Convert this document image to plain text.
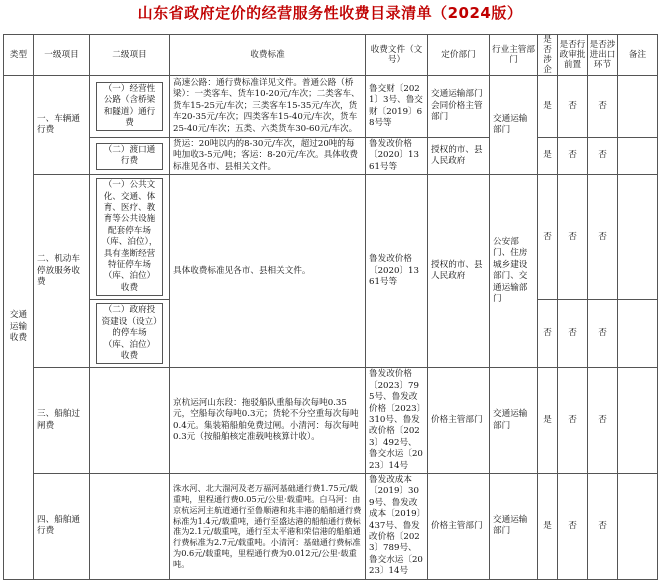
山东省政府定价的经营服务性收费目录清单（2024版）
类型	一级项目	二级项目	收费标准	收费文件（文号）	定价部门	行业主管部门	是否涉企	是否行政审批前置	是否涉进出口环节	备注
交通运输收费	一、车辆通行费	（一）经营性公路（含桥梁和隧道）通行费	高速公路：通行费标准详见文件。普通公路（桥梁）：一类客车、货车10-20元/车次；二类客车、货车15-25元/车次；三类客车15-35元/车次，货车20-35元/车次；四类客车15-40元/车次，货车25-40元/车次；五类、六类货车30-60元/车次。	鲁交财〔2021〕3号、鲁交财〔2019〕68号等	交通运输部门会同价格主管部门	交通运输部门	是	否	否	

		（二）渡口通行费	货运：20吨以内的8-30元/车次，超过20吨的每吨加收3-5元/吨；客运：8-20元/车次。具体收费标准见各市、县相关文件。	鲁发改价格〔2020〕1361号等	授权的市、县人民政府		是	否	否	
	二、机动车停放服务收费	（一）公共文化、交通、体育、医疗、教育等公共设施配套停车场（库、泊位），具有垄断经营特征停车场（库、泊位）收费	具体收费标准见各市、县相关文件。	鲁发改价格〔2020〕1361号等	授权的市、县人民政府	公安部门、住房城乡建设部门、交通运输部门	否	否	否	

		（二）政府投资建设（设立）的停车场（库、泊位）收费					否	否	否	
	三、船舶过闸费		京杭运河山东段：拖驳船队重船每次每吨0.35元，空船每次每吨0.3元；货轮不分空重每次每吨0.4元。集装箱船舶免费过闸。小清河：每次每吨0.3元（按船舶核定准载吨核算计收）。	鲁发改价格〔2023〕795号、鲁发改价格〔2023〕310号、鲁发改价格〔2023〕492号、鲁交水运〔2023〕14号	价格主管部门	交通运输部门	是	否	否	
	四、船舶通行费		洙水河、北大溜河及老万福河基础通行费1.75元/载重吨，里程通行费0.05元/公里·载重吨。白马河：由京杭运河主航道通行至鲁顺港和兆丰港的船舶通行费标准为1.4元/载重吨，通行至盛达港的船舶通行费标准为2.1元/载重吨，通行至太平港和荣信港的船舶通行费标准为2.7元/载重吨。小清河：基础通行费标准为0.6元/载重吨，里程通行费为0.012元/公里·载重吨。	鲁发改成本〔2019〕309号、鲁发改成本〔2019〕437号、鲁发改价格〔2023〕789号、鲁交水运〔2023〕14号	价格主管部门	交通运输部门	是	否	否	
